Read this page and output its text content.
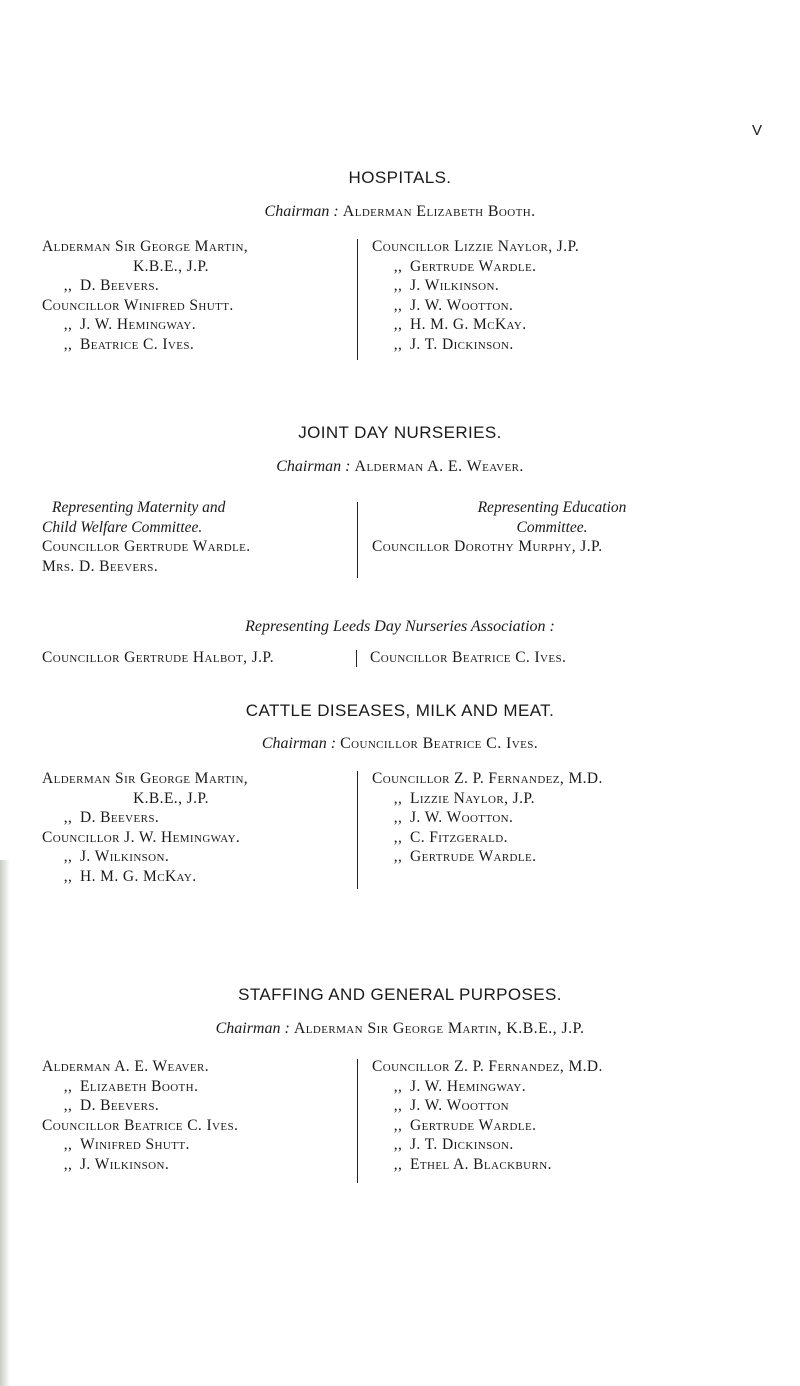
V
HOSPITALS.
Chairman : Alderman Elizabeth Booth.
Alderman Sir George Martin,
K.B.E., J.P.
,, D. Beevers.
Councillor Winifred Shutt.
,, J. W. Hemingway.
,, Beatrice C. Ives.
Councillor Lizzie Naylor, J.P.
,, Gertrude Wardle.
,, J. Wilkinson.
,, J. W. Wootton.
,, H. M. G. McKay.
,, J. T. Dickinson.
JOINT DAY NURSERIES.
Chairman : Alderman A. E. Weaver.
Representing Maternity and
Child Welfare Committee.
Councillor Gertrude Wardle.
Mrs. D. Beevers.
Representing Education
Committee.
Councillor Dorothy Murphy, J.P.
Representing Leeds Day Nurseries Association :
Councillor Gertrude Halbot, J.P.	Councillor Beatrice C. Ives.
CATTLE DISEASES, MILK AND MEAT.
Chairman : Councillor Beatrice C. Ives.
Alderman Sir George Martin,
K.B.E., J.P.
,, D. Beevers.
Councillor J. W. Hemingway.
,, J. Wilkinson.
,, H. M. G. McKay.
Councillor Z. P. Fernandez, M.D.
,, Lizzie Naylor, J.P.
,, J. W. Wootton.
,, C. Fitzgerald.
,, Gertrude Wardle.
STAFFING AND GENERAL PURPOSES.
Chairman : Alderman Sir George Martin, K.B.E., J.P.
Alderman A. E. Weaver.
,, Elizabeth Booth.
,, D. Beevers.
Councillor Beatrice C. Ives.
,, Winifred Shutt.
,, J. Wilkinson.
Councillor Z. P. Fernandez, M.D.
,, J. W. Hemingway.
,, J. W. Wootton
,, Gertrude Wardle.
,, J. T. Dickinson.
,, Ethel A. Blackburn.
